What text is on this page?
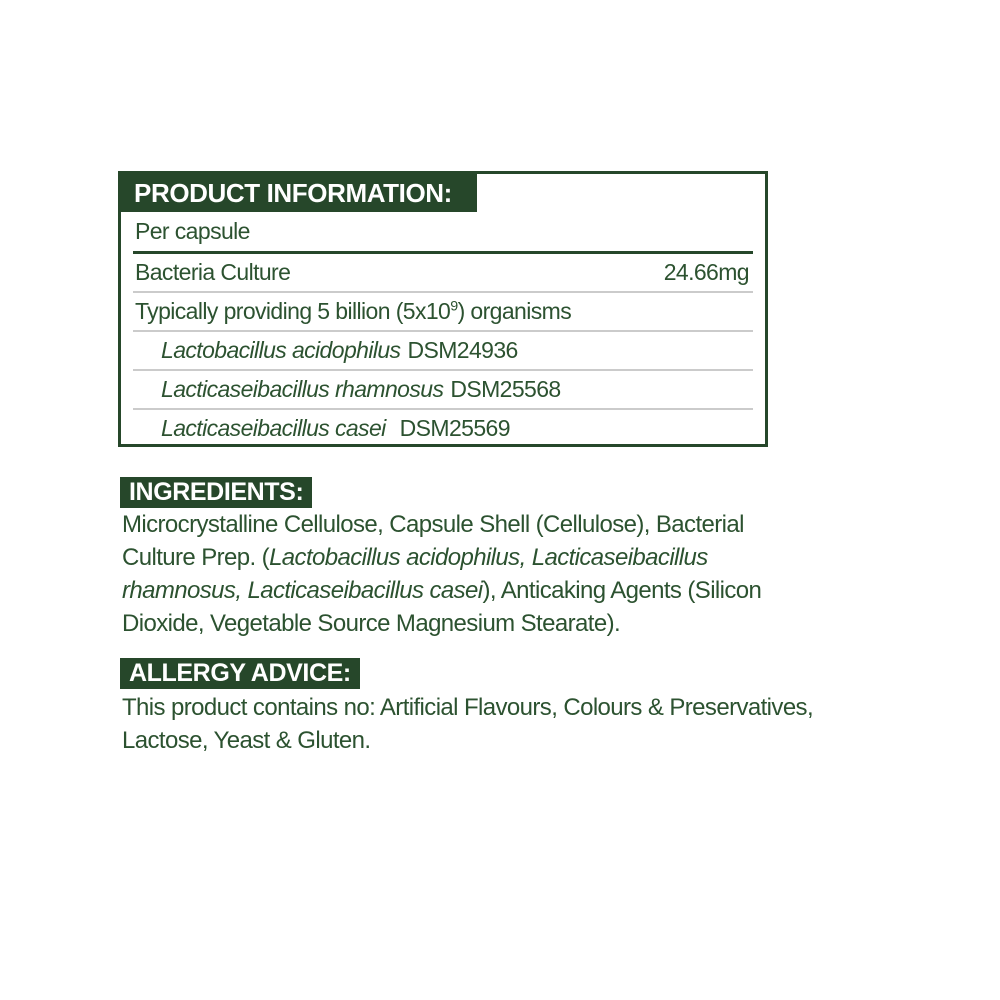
PRODUCT INFORMATION:
Per capsule
Bacteria Culture	24.66mg
Typically providing 5 billion $(5x10^9)$ organisms
Lactobacillus acidophilus DSM24936
Lacticaseibacillus rhamnosus DSM25568
Lacticaseibacillus casei DSM25569
INGREDIENTS:
Microcrystalline Cellulose, Capsule Shell (Cellulose), Bacterial
Culture Prep. (Lactobacillus acidophilus, Lacticaseibacillus
rhamnosus, Lacticaseibacillus casei), Anticaking Agents (Silicon
Dioxide, Vegetable Source Magnesium Stearate).
ALLERGY ADVICE:
This product contains no: Artificial Flavours, Colours & Preservatives,
Lactose, Yeast & Gluten.
